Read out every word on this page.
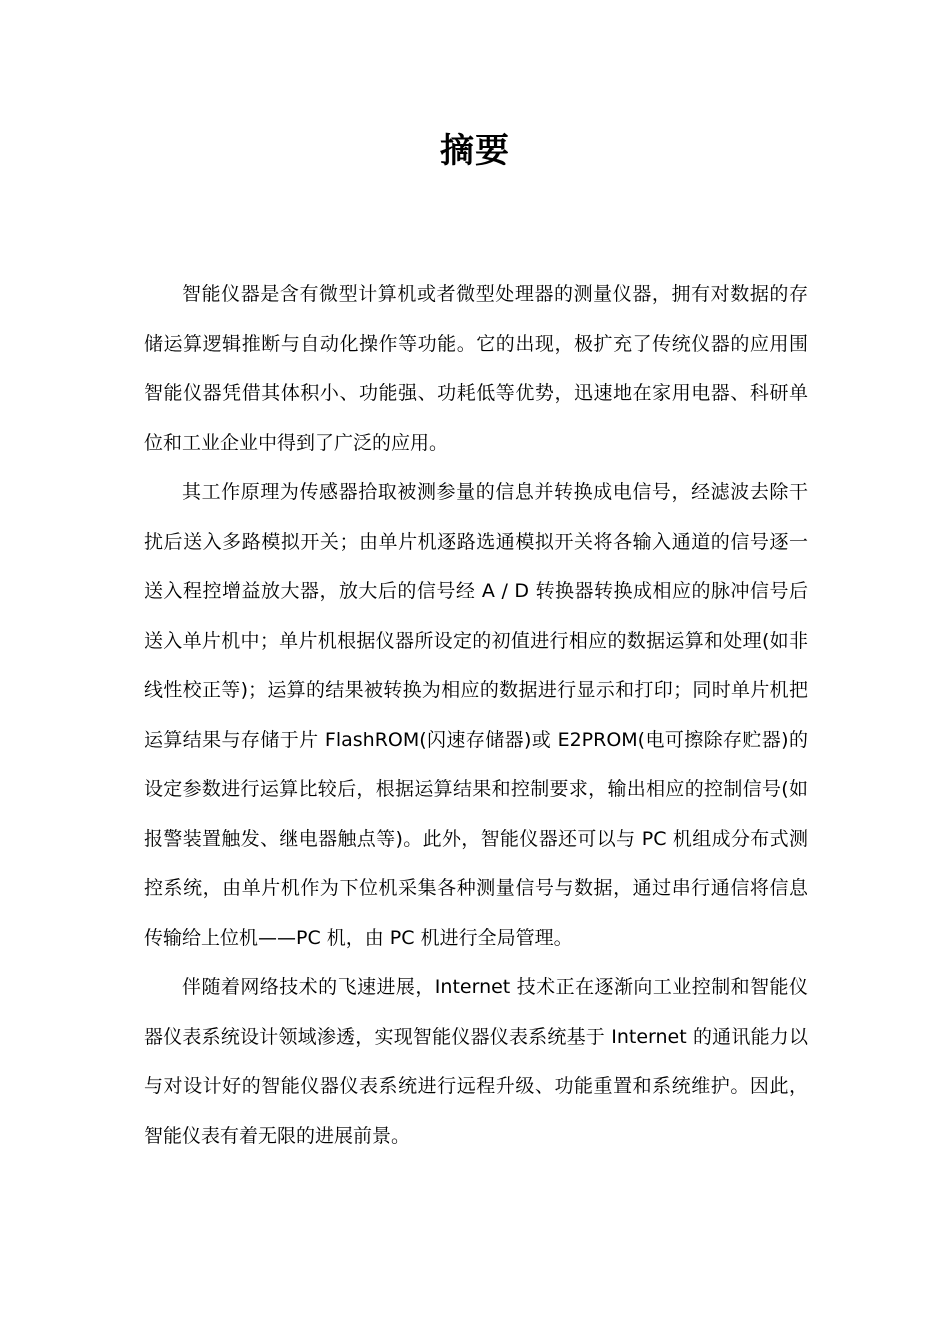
摘要

智能仪器是含有微型计算机或者微型处理器的测量仪器，拥有对数据的存储运算逻辑推断与自动化操作等功能。它的出现，极扩充了传统仪器的应用围智能仪器凭借其体积小、功能强、功耗低等优势，迅速地在家用电器、科研单位和工业企业中得到了广泛的应用。

其工作原理为传感器拾取被测参量的信息并转换成电信号，经滤波去除干扰后送入多路模拟开关；由单片机逐路选通模拟开关将各输入通道的信号逐一送入程控增益放大器，放大后的信号经 A / D 转换器转换成相应的脉冲信号后送入单片机中；单片机根据仪器所设定的初值进行相应的数据运算和处理(如非线性校正等)；运算的结果被转换为相应的数据进行显示和打印；同时单片机把运算结果与存储于片 FlashROM(闪速存储器)或 E2PROM(电可擦除存贮器)的设定参数进行运算比较后，根据运算结果和控制要求，输出相应的控制信号(如报警装置触发、继电器触点等)。此外，智能仪器还可以与 PC 机组成分布式测控系统，由单片机作为下位机采集各种测量信号与数据，通过串行通信将信息传输给上位机——PC 机，由 PC 机进行全局管理。

伴随着网络技术的飞速进展，Internet 技术正在逐渐向工业控制和智能仪器仪表系统设计领域渗透，实现智能仪器仪表系统基于 Internet 的通讯能力以与对设计好的智能仪器仪表系统进行远程升级、功能重置和系统维护。因此，智能仪表有着无限的进展前景。
